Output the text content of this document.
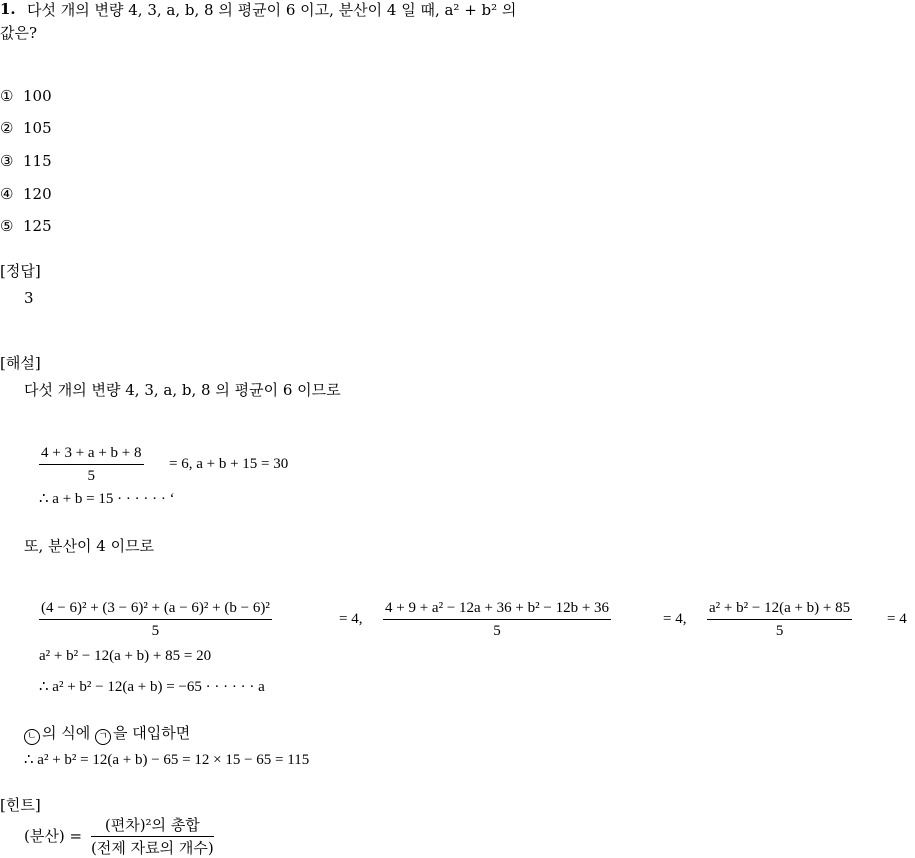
1. 다섯 개의 변량 4, 3, a, b, 8 의 평균이 6 이고, 분산이 4 일 때, a² + b² 의
값은?
① 100
② 105
③ 115
④ 120
⑤ 125
[정답]
3
[해설]
다섯 개의 변량 4, 3, a, b, 8 의 평균이 6 이므로
$\frac{4 + 3 + a + b + 8}{5} = 6$, a + b + 15 = 30
∴ a + b = 15 · · · · · · ‘
또, 분산이 4 이므로
$\frac{\text{(4 − 6)² + (3 − 6)² + (a − 6)² + (b − 6)²}}{5}$	= 4, $\frac{\text{4 + 9 + a² − 12a + 36 + b² − 12b + 36}}{5}$	= 4, $\frac{\text{a² + b² − 12(a + b) + 85}}{5} = 4$
a² + b² − 12(a + b) + 85 = 20
∴ a² + b² − 12(a + b) = −65 · · · · · · a
ㄴ 의 식에 ㄱ 을 대입하면
∴ a² + b² = 12(a + b) − 65 = 12 × 15 − 65 = 115
[힌트]
(분산) =
(편차)²의 총합
(전제 자료의 개수)
